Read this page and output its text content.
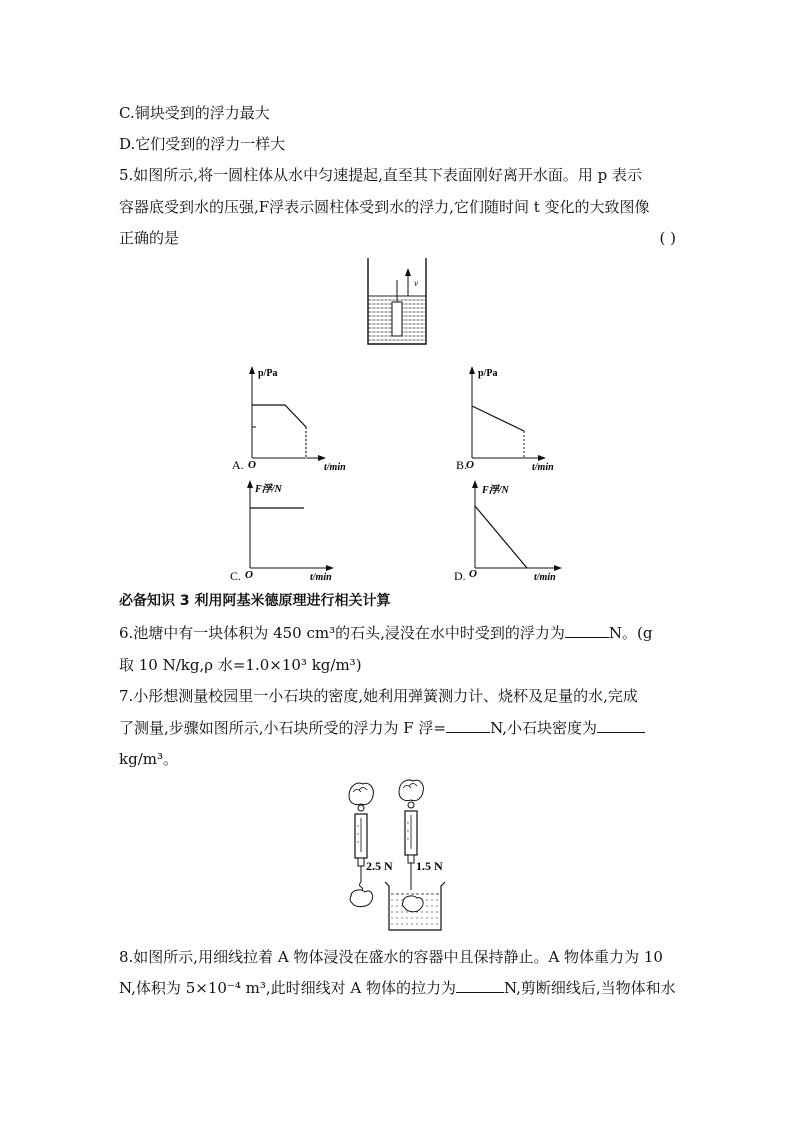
C.铜块受到的浮力最大
D.它们受到的浮力一样大
5.如图所示,将一圆柱体从水中匀速提起,直至其下表面刚好离开水面。用 p 表示
容器底受到水的压强,F浮表示圆柱体受到水的浮力,它们随时间 t 变化的大致图像
正确的是	( )
v
p/Pa
t/min
O
A.
p/Pa
t/min
O
B.
F浮/N
t/min
O
C.
F浮/N
t/min
O
D.
必备知识 3 利用阿基米德原理进行相关计算
6.池塘中有一块体积为 450 cm³的石头,浸没在水中时受到的浮力为	N。(g
取 10 N/kg,ρ 水=1.0×10³ kg/m³)
7.小彤想测量校园里一小石块的密度,她利用弹簧测力计、烧杯及足量的水,完成
了测量,步骤如图所示,小石块所受的浮力为 F 浮=	N,小石块密度为
kg/m³。
2.5 N 1.5 N
8.如图所示,用细线拉着 A 物体浸没在盛水的容器中且保持静止。A 物体重力为 10
N,体积为 5×10⁻⁴ m³,此时细线对 A 物体的拉力为	N,剪断细线后,当物体和水
